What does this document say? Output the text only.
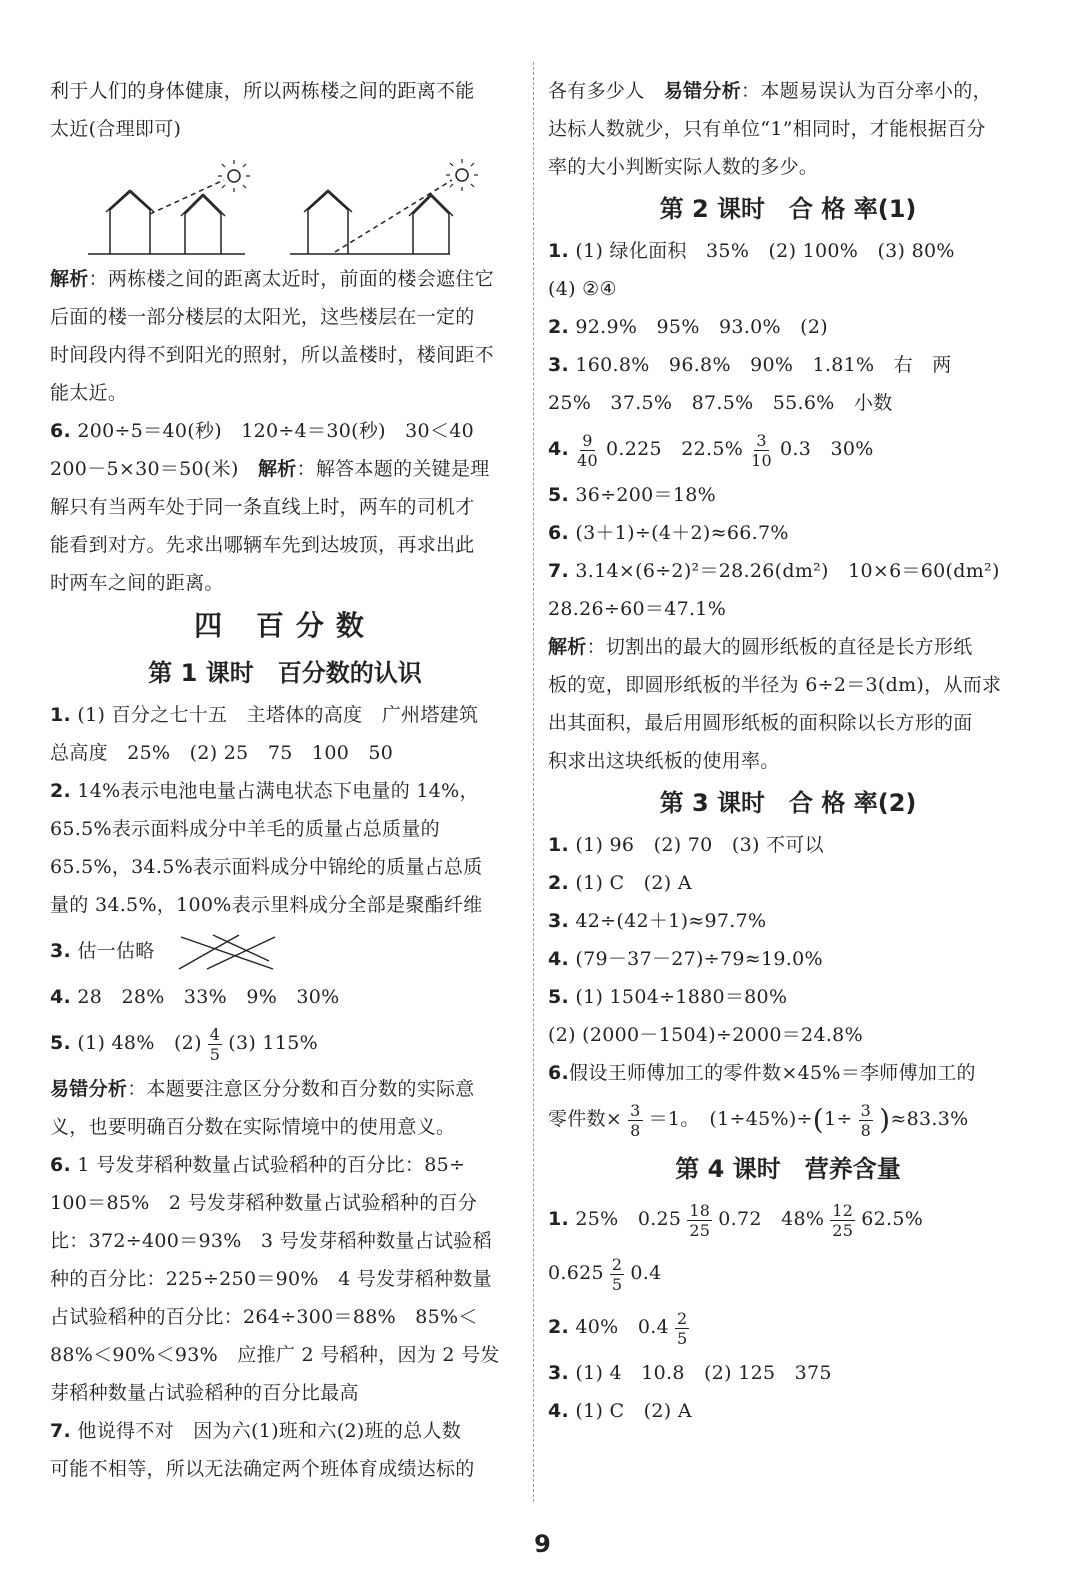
利于人们的身体健康，所以两栋楼之间的距离不能
太近(合理即可)
解析：两栋楼之间的距离太近时，前面的楼会遮住它
后面的楼一部分楼层的太阳光，这些楼层在一定的
时间段内得不到阳光的照射，所以盖楼时，楼间距不
能太近。
6. 200÷5＝40(秒)　120÷4＝30(秒)　30＜40
200－5×30＝50(米)　解析：解答本题的关键是理
解只有当两车处于同一条直线上时，两车的司机才
能看到对方。先求出哪辆车先到达坡顶，再求出此
时两车之间的距离。
四 百分数
第 1 课时　百分数的认识
1. (1) 百分之七十五　主塔体的高度　广州塔建筑
总高度　25%　(2) 25　75　100　50
2. 14%表示电池电量占满电状态下电量的 14%，
65.5%表示面料成分中羊毛的质量占总质量的
65.5%，34.5%表示面料成分中锦纶的质量占总质
量的 34.5%，100%表示里料成分全部是聚酯纤维
3. 估一估略
4. 28　28%　33%　9%　30%
5. (1) 48%　$(2) \frac{4}{5} (3)$ 115%
易错分析：本题要注意区分分数和百分数的实际意
义，也要明确百分数在实际情境中的使用意义。
6. 1 号发芽稻种数量占试验稻种的百分比：85÷
100＝85%　2 号发芽稻种数量占试验稻种的百分
比：372÷400＝93%　3 号发芽稻种数量占试验稻
种的百分比：225÷250＝90%　4 号发芽稻种数量
占试验稻种的百分比：264÷300＝88%　85%＜
88%＜90%＜93%　应推广 2 号稻种，因为 2 号发
芽稻种数量占试验稻种的百分比最高
7. 他说得不对　因为六(1)班和六(2)班的总人数
可能不相等，所以无法确定两个班体育成绩达标的
各有多少人　易错分析：本题易误认为百分率小的，
达标人数就少，只有单位“1”相同时，才能根据百分
率的大小判断实际人数的多少。
第 2 课时　合 格 率(1)
1. (1) 绿化面积　35%　(2) 100%　(3) 80%
(4) ②④
2. 92.9%　95%　93.0%　(2)
3. 160.8%　96.8%　90%　1.81%　右　两
25%　37.5%　87.5%　55.6%　小数
4. $\frac{9}{40} 0.225$　$22.5\% \frac{3}{10} 0.3$　30%
5. 36÷200＝18%
6. (3＋1)÷(4＋2)≈66.7%
7. 3.14×(6÷2)²＝28.26(dm²)　10×6＝60(dm²)
28.26÷60＝47.1%
解析：切割出的最大的圆形纸板的直径是长方形纸
板的宽，即圆形纸板的半径为 6÷2＝3(dm)，从而求
出其面积，最后用圆形纸板的面积除以长方形的面
积求出这块纸板的使用率。
第 3 课时　合 格 率(2)
1. (1) 96　(2) 70　(3) 不可以
2. (1) C　(2) A
3. 42÷(42＋1)≈97.7%
4. (79－37－27)÷79≈19.0%
5. (1) 1504÷1880＝80%
(2) (2000－1504)÷2000＝24.8%
6.假设王师傅加工的零件数×45%＝李师傅加工的
零件数× $\frac{3}{8} =1$。　$(1\div 45\%)\div(1\div \frac{3}{8} )\approx 83.3\%$
第 4 课时　营养含量
1. 25%　$0.25 \frac{18}{25} 0.72$　$48\% \frac{12}{25} 62.5\%$
$0.625 \frac{2}{5} 0.4$
2. 40%　$0.4 \frac{2}{5}$
3. (1) 4　10.8　(2) 125　375
4. (1) C　(2) A
9
